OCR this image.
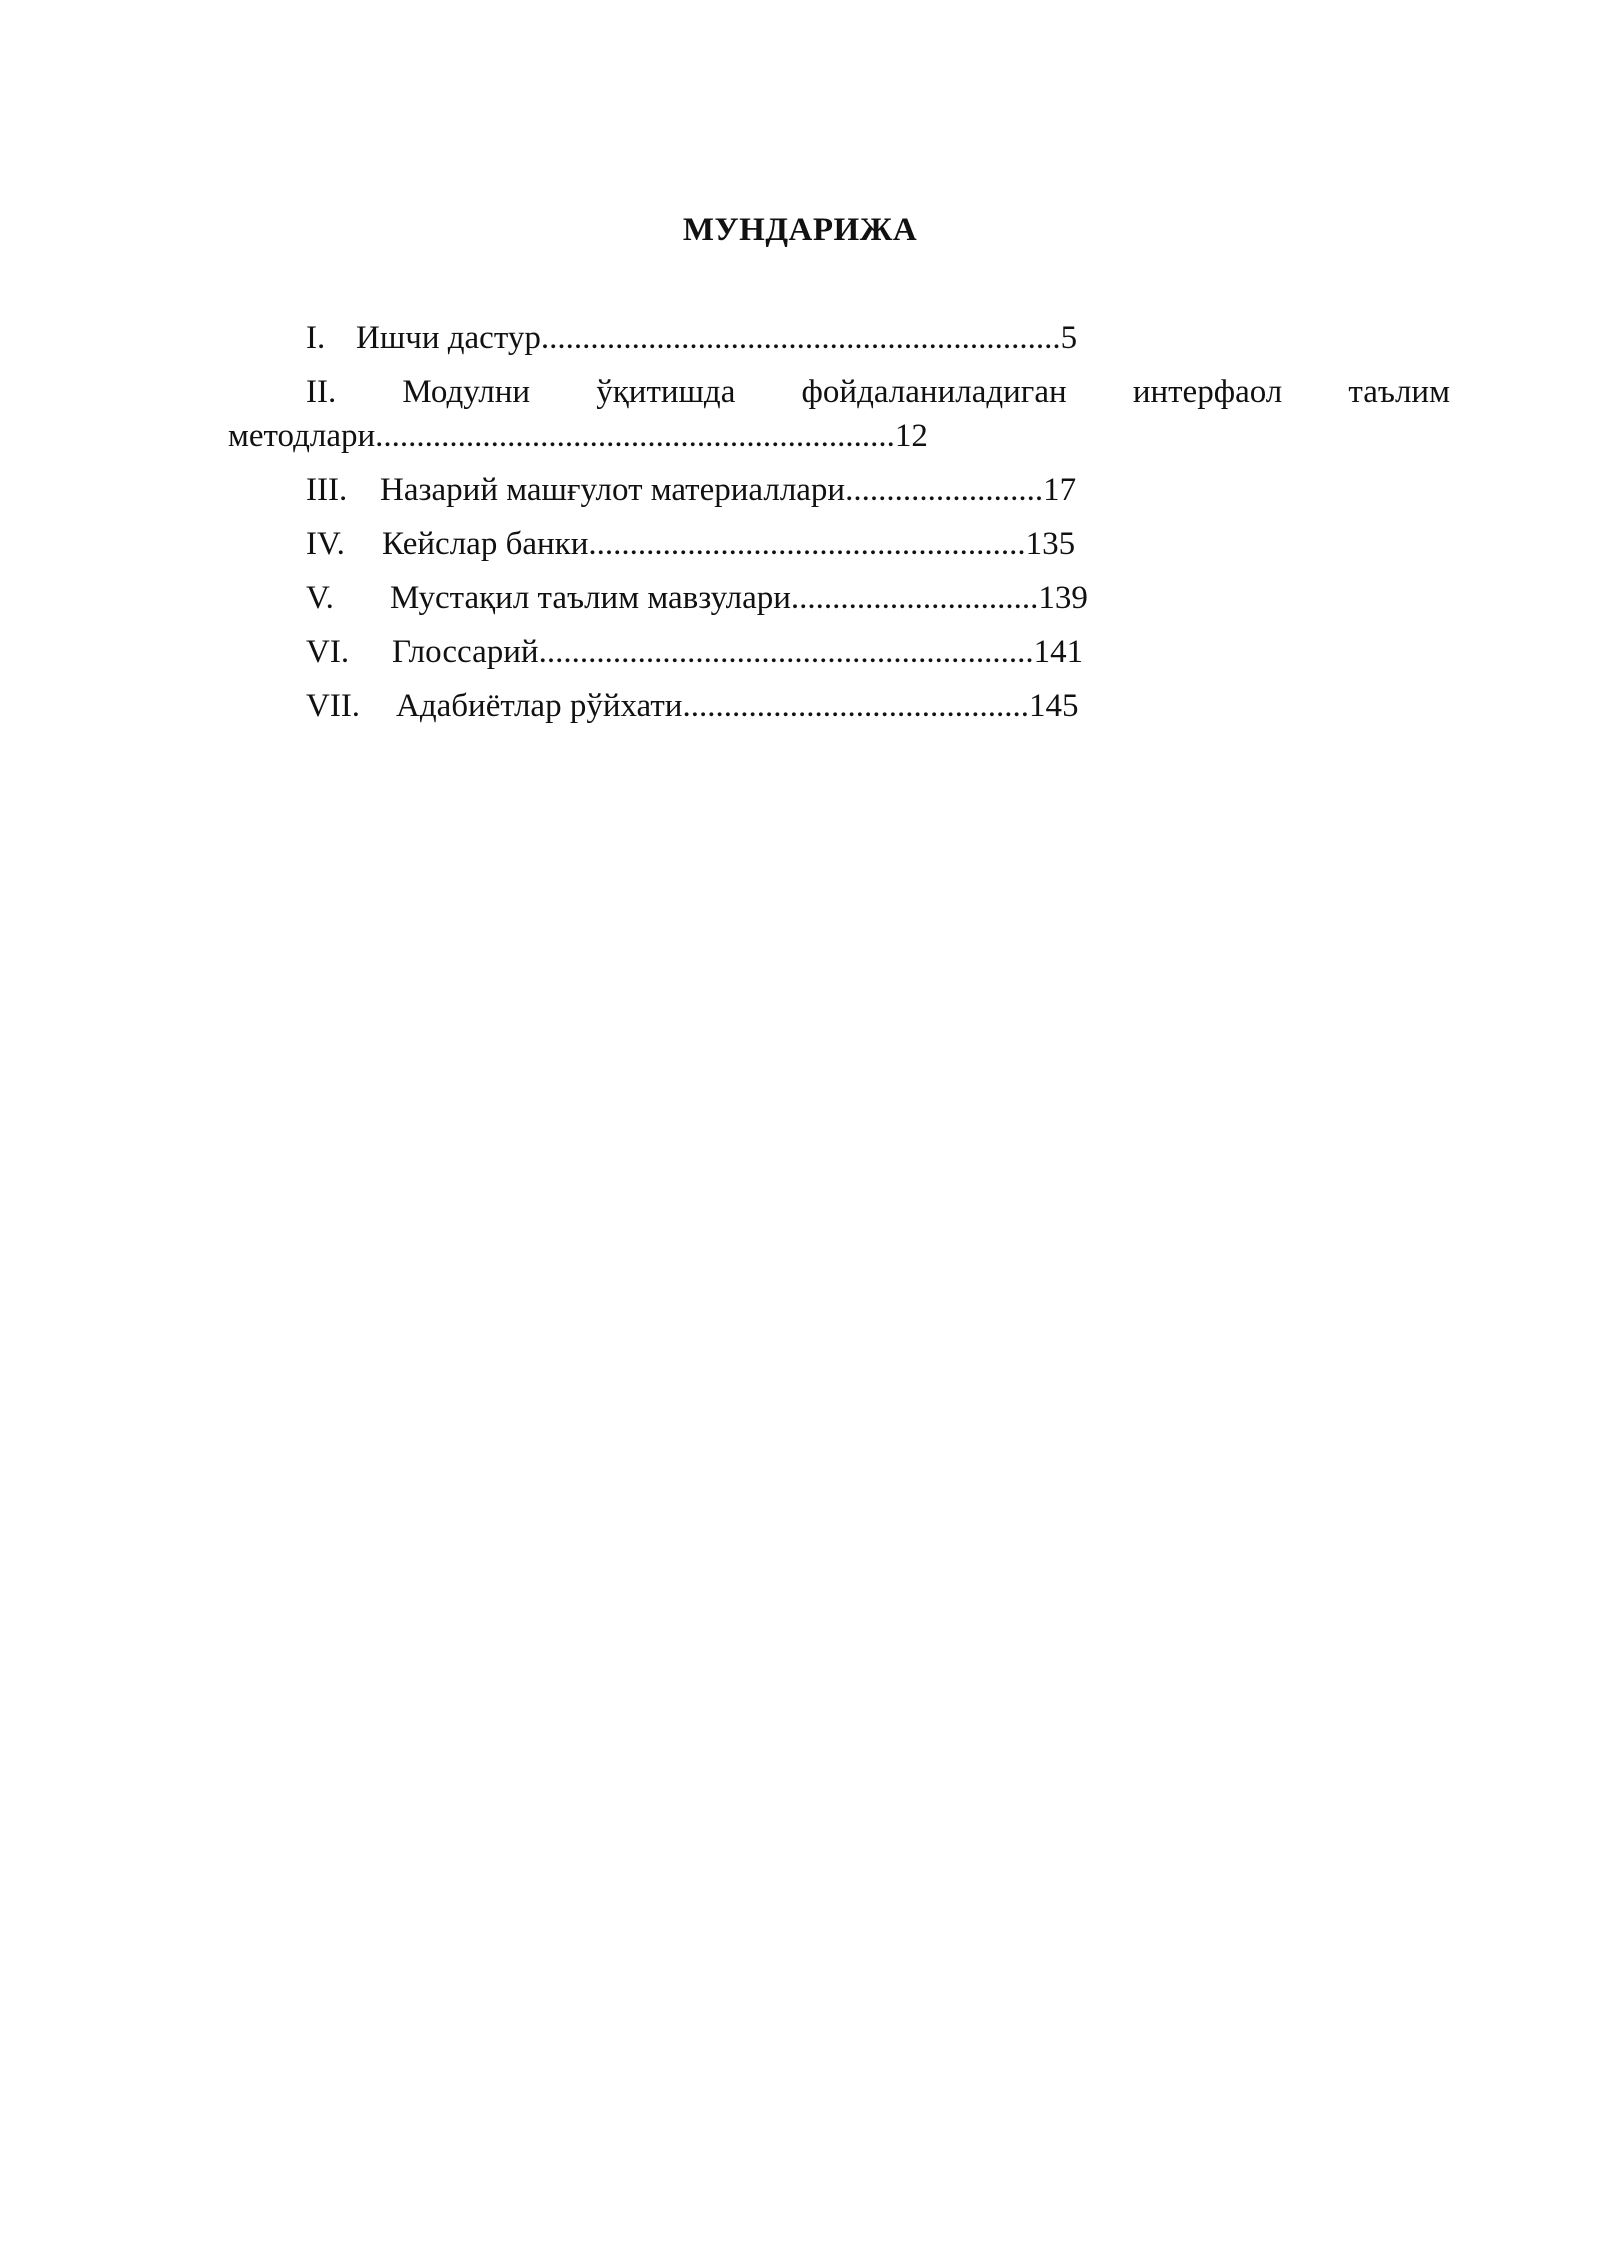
МУНДАРИЖА
I. Ишчи дастур...............................................................5
II. Модулни ўқитишда фойдаланиладиган интерфаол таълим
методлари...............................................................12
III. Назарий машғулот материаллари........................17
IV. Кейслар банки.....................................................135
V. Мустақил таълим мавзулари..............................139
VI. Глоссарий............................................................141
VII. Адабиётлар рўйхати..........................................145
